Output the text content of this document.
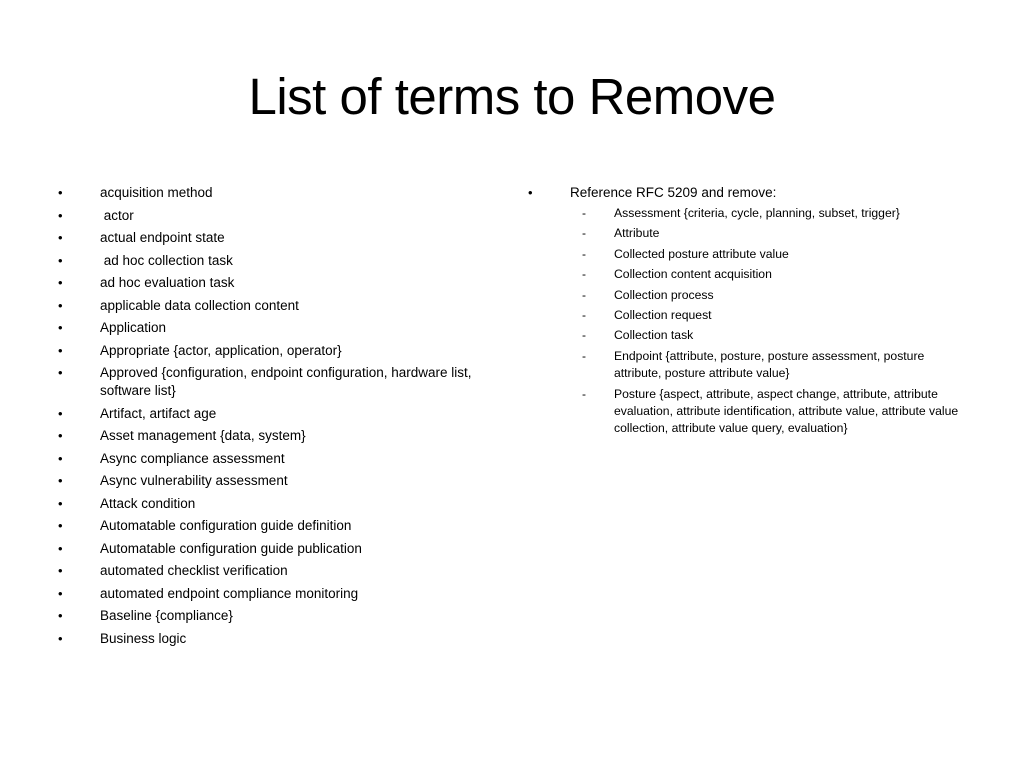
List of terms to Remove
•	acquisition method
•	actor
•	actual endpoint state
•	ad hoc collection task
•	ad hoc evaluation task
•	applicable data collection content
•	Application
•	Appropriate {actor, application, operator}
•	Approved {configuration, endpoint configuration, hardware list, software list}
•	Artifact, artifact age
•	Asset management {data, system}
•	Async compliance assessment
•	Async vulnerability assessment
•	Attack condition
•	Automatable configuration guide definition
•	Automatable configuration guide publication
•	automated checklist verification
•	automated endpoint compliance monitoring
•	Baseline {compliance}
•	Business logic
•	Reference RFC 5209 and remove:
- Assessment {criteria, cycle, planning, subset, trigger}
- Attribute
- Collected posture attribute value
- Collection content acquisition
- Collection process
- Collection request
- Collection task
- Endpoint {attribute, posture, posture assessment, posture attribute, posture attribute value}
- Posture {aspect, attribute, aspect change, attribute, attribute evaluation, attribute identification, attribute value, attribute value collection, attribute value query, evaluation}
